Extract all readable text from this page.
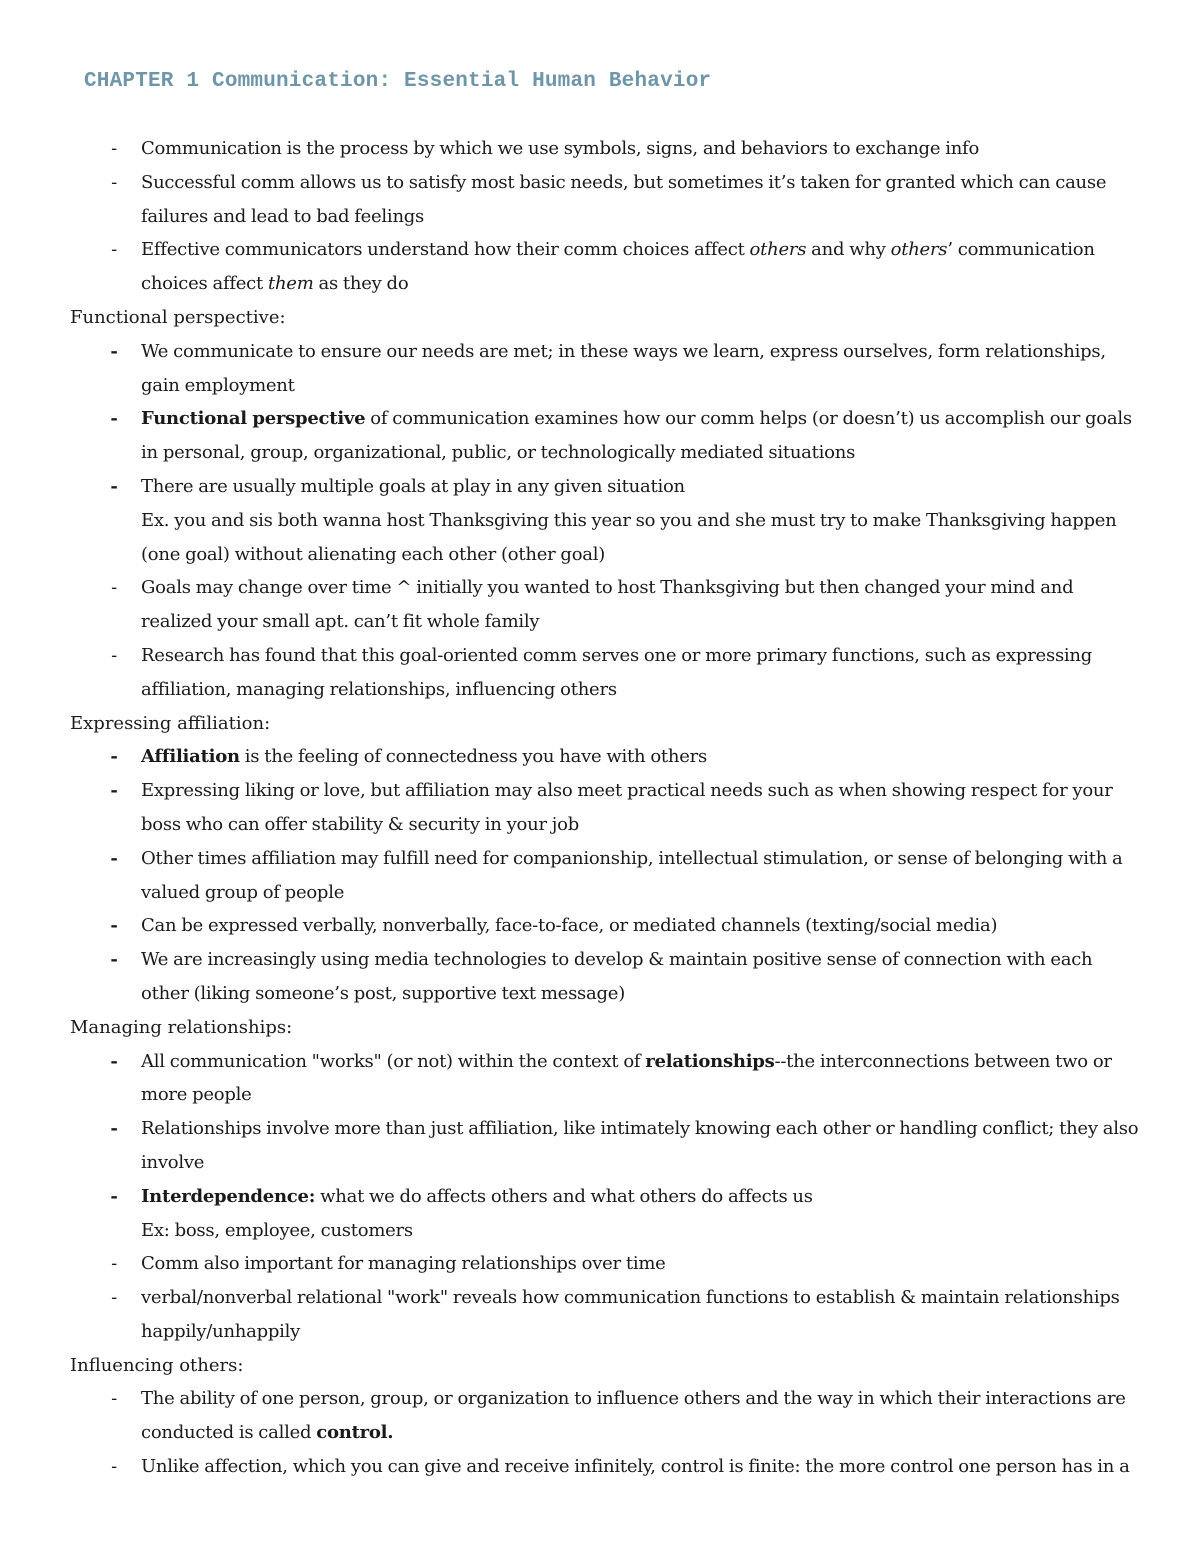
CHAPTER 1 Communication: Essential Human Behavior
- Communication is the process by which we use symbols, signs, and behaviors to exchange info
- Successful comm allows us to satisfy most basic needs, but sometimes it’s taken for granted which can cause failures and lead to bad feelings
- Effective communicators understand how their comm choices affect others and why others’ communication choices affect them as they do
Functional perspective:
- We communicate to ensure our needs are met; in these ways we learn, express ourselves, form relationships, gain employment
- Functional perspective of communication examines how our comm helps (or doesn’t) us accomplish our goals in personal, group, organizational, public, or technologically mediated situations
- There are usually multiple goals at play in any given situation
Ex. you and sis both wanna host Thanksgiving this year so you and she must try to make Thanksgiving happen (one goal) without alienating each other (other goal)
- Goals may change over time ^ initially you wanted to host Thanksgiving but then changed your mind and realized your small apt. can’t fit whole family
- Research has found that this goal-oriented comm serves one or more primary functions, such as expressing affiliation, managing relationships, influencing others
Expressing affiliation:
- Affiliation is the feeling of connectedness you have with others
- Expressing liking or love, but affiliation may also meet practical needs such as when showing respect for your boss who can offer stability & security in your job
- Other times affiliation may fulfill need for companionship, intellectual stimulation, or sense of belonging with a valued group of people
- Can be expressed verbally, nonverbally, face-to-face, or mediated channels (texting/social media)
- We are increasingly using media technologies to develop & maintain positive sense of connection with each other (liking someone’s post, supportive text message)
Managing relationships:
- All communication "works" (or not) within the context of relationships--the interconnections between two or more people
- Relationships involve more than just affiliation, like intimately knowing each other or handling conflict; they also involve
- Interdependence: what we do affects others and what others do affects us
Ex: boss, employee, customers
- Comm also important for managing relationships over time
- verbal/nonverbal relational "work" reveals how communication functions to establish & maintain relationships happily/unhappily
Influencing others:
- The ability of one person, group, or organization to influence others and the way in which their interactions are conducted is called control.
- Unlike affection, which you can give and receive infinitely, control is finite: the more control one person has in a
